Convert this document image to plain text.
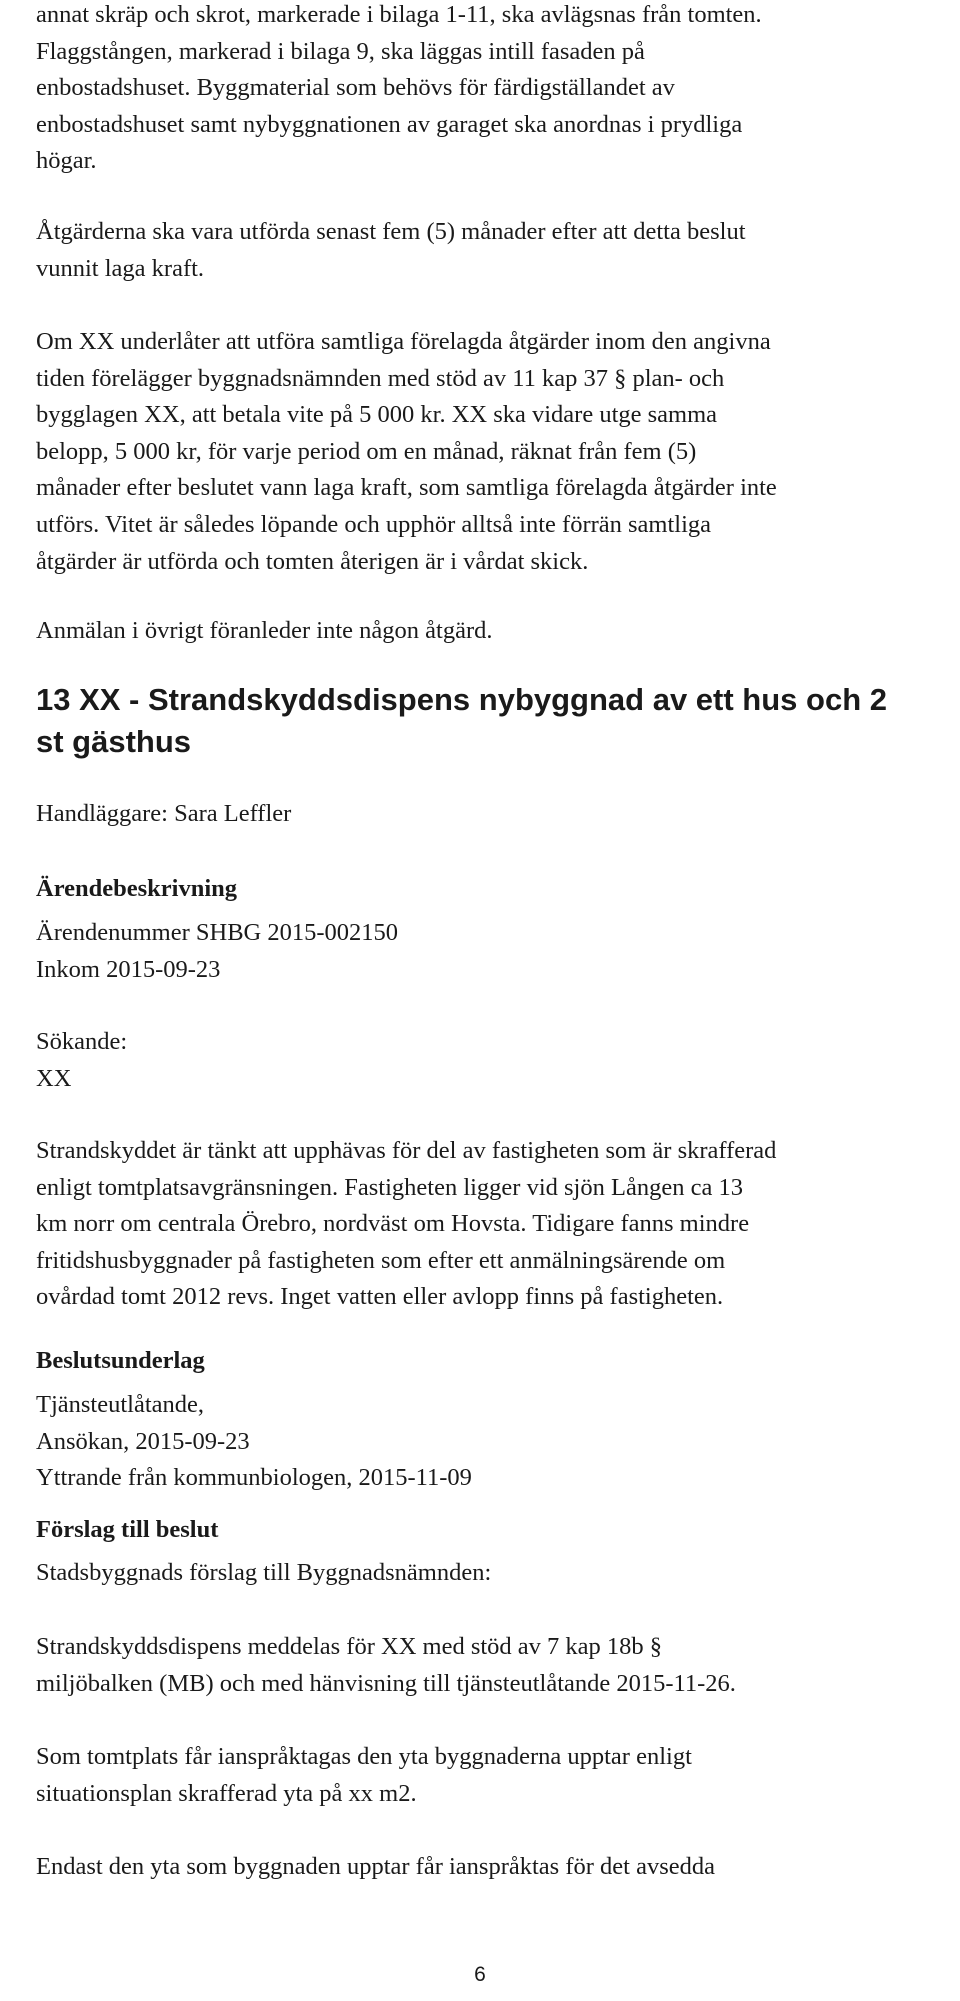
annat skräp och skrot, markerade i bilaga 1-11, ska avlägsnas från tomten.
Flaggstången, markerad i bilaga 9, ska läggas intill fasaden på
enbostadshuset. Byggmaterial som behövs för färdigställandet av
enbostadshuset samt nybyggnationen av garaget ska anordnas i prydliga
högar.
Åtgärderna ska vara utförda senast fem (5) månader efter att detta beslut
vunnit laga kraft.
Om XX underlåter att utföra samtliga förelagda åtgärder inom den angivna
tiden förelägger byggnadsnämnden med stöd av 11 kap 37 § plan- och
bygglagen XX, att betala vite på 5 000 kr. XX ska vidare utge samma
belopp, 5 000 kr, för varje period om en månad, räknat från fem (5)
månader efter beslutet vann laga kraft, som samtliga förelagda åtgärder inte
utförs. Vitet är således löpande och upphör alltså inte förrän samtliga
åtgärder är utförda och tomten återigen är i vårdat skick.
Anmälan i övrigt föranleder inte någon åtgärd.
13 XX - Strandskyddsdispens nybyggnad av ett hus och 2
st gästhus
Handläggare: Sara Leffler
Ärendebeskrivning
Ärendenummer SHBG 2015-002150
Inkom 2015-09-23
Sökande:
XX
Strandskyddet är tänkt att upphävas för del av fastigheten som är skrafferad
enligt tomtplatsavgränsningen. Fastigheten ligger vid sjön Lången ca 13
km norr om centrala Örebro, nordväst om Hovsta. Tidigare fanns mindre
fritidshusbyggnader på fastigheten som efter ett anmälningsärende om
ovårdad tomt 2012 revs. Inget vatten eller avlopp finns på fastigheten.
Beslutsunderlag
Tjänsteutlåtande,
Ansökan, 2015-09-23
Yttrande från kommunbiologen, 2015-11-09
Förslag till beslut
Stadsbyggnads förslag till Byggnadsnämnden:
Strandskyddsdispens meddelas för XX med stöd av 7 kap 18b §
miljöbalken (MB) och med hänvisning till tjänsteutlåtande 2015-11-26.
Som tomtplats får ianspråktagas den yta byggnaderna upptar enligt
situationsplan skrafferad yta på xx m2.
Endast den yta som byggnaden upptar får ianspråktas för det avsedda
6
